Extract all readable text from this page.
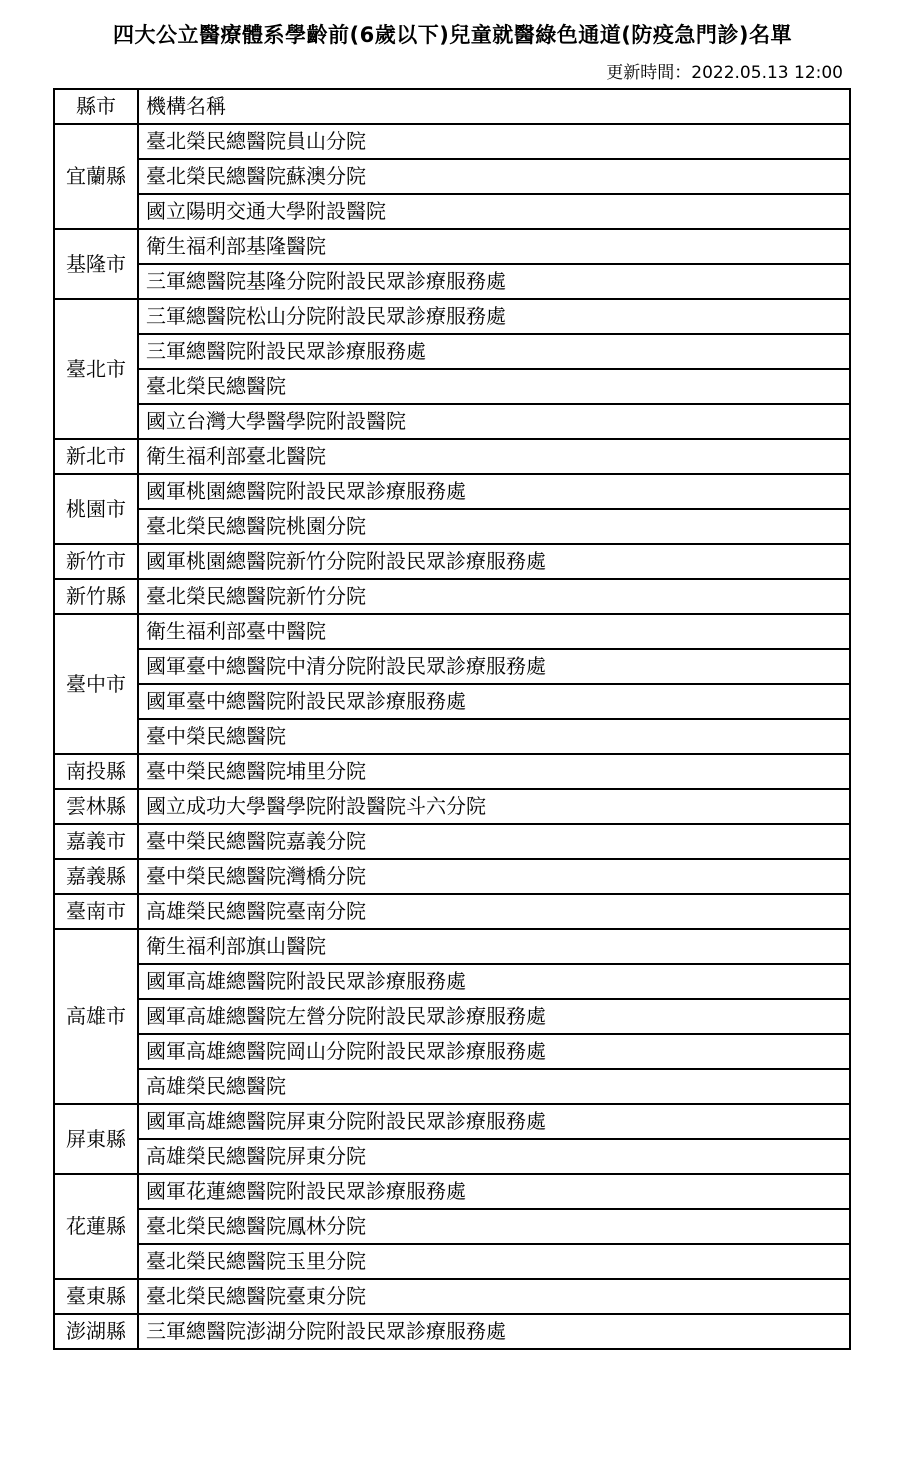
四大公立醫療體系學齡前(6歲以下)兒童就醫綠色通道(防疫急門診)名單
更新時間：2022.05.13 12:00
縣市	機構名稱
宜蘭縣	臺北榮民總醫院員山分院
	臺北榮民總醫院蘇澳分院
	國立陽明交通大學附設醫院
基隆市	衛生福利部基隆醫院
	三軍總醫院基隆分院附設民眾診療服務處
臺北市	三軍總醫院松山分院附設民眾診療服務處
	三軍總醫院附設民眾診療服務處
	臺北榮民總醫院
	國立台灣大學醫學院附設醫院
新北市	衛生福利部臺北醫院
桃園市	國軍桃園總醫院附設民眾診療服務處
	臺北榮民總醫院桃園分院
新竹市	國軍桃園總醫院新竹分院附設民眾診療服務處
新竹縣	臺北榮民總醫院新竹分院
臺中市	衛生福利部臺中醫院
	國軍臺中總醫院中清分院附設民眾診療服務處
	國軍臺中總醫院附設民眾診療服務處
	臺中榮民總醫院
南投縣	臺中榮民總醫院埔里分院
雲林縣	國立成功大學醫學院附設醫院斗六分院
嘉義市	臺中榮民總醫院嘉義分院
嘉義縣	臺中榮民總醫院灣橋分院
臺南市	高雄榮民總醫院臺南分院
高雄市	衛生福利部旗山醫院
	國軍高雄總醫院附設民眾診療服務處
	國軍高雄總醫院左營分院附設民眾診療服務處
	國軍高雄總醫院岡山分院附設民眾診療服務處
	高雄榮民總醫院
屏東縣	國軍高雄總醫院屏東分院附設民眾診療服務處
	高雄榮民總醫院屏東分院
花蓮縣	國軍花蓮總醫院附設民眾診療服務處
	臺北榮民總醫院鳳林分院
	臺北榮民總醫院玉里分院
臺東縣	臺北榮民總醫院臺東分院
澎湖縣	三軍總醫院澎湖分院附設民眾診療服務處
